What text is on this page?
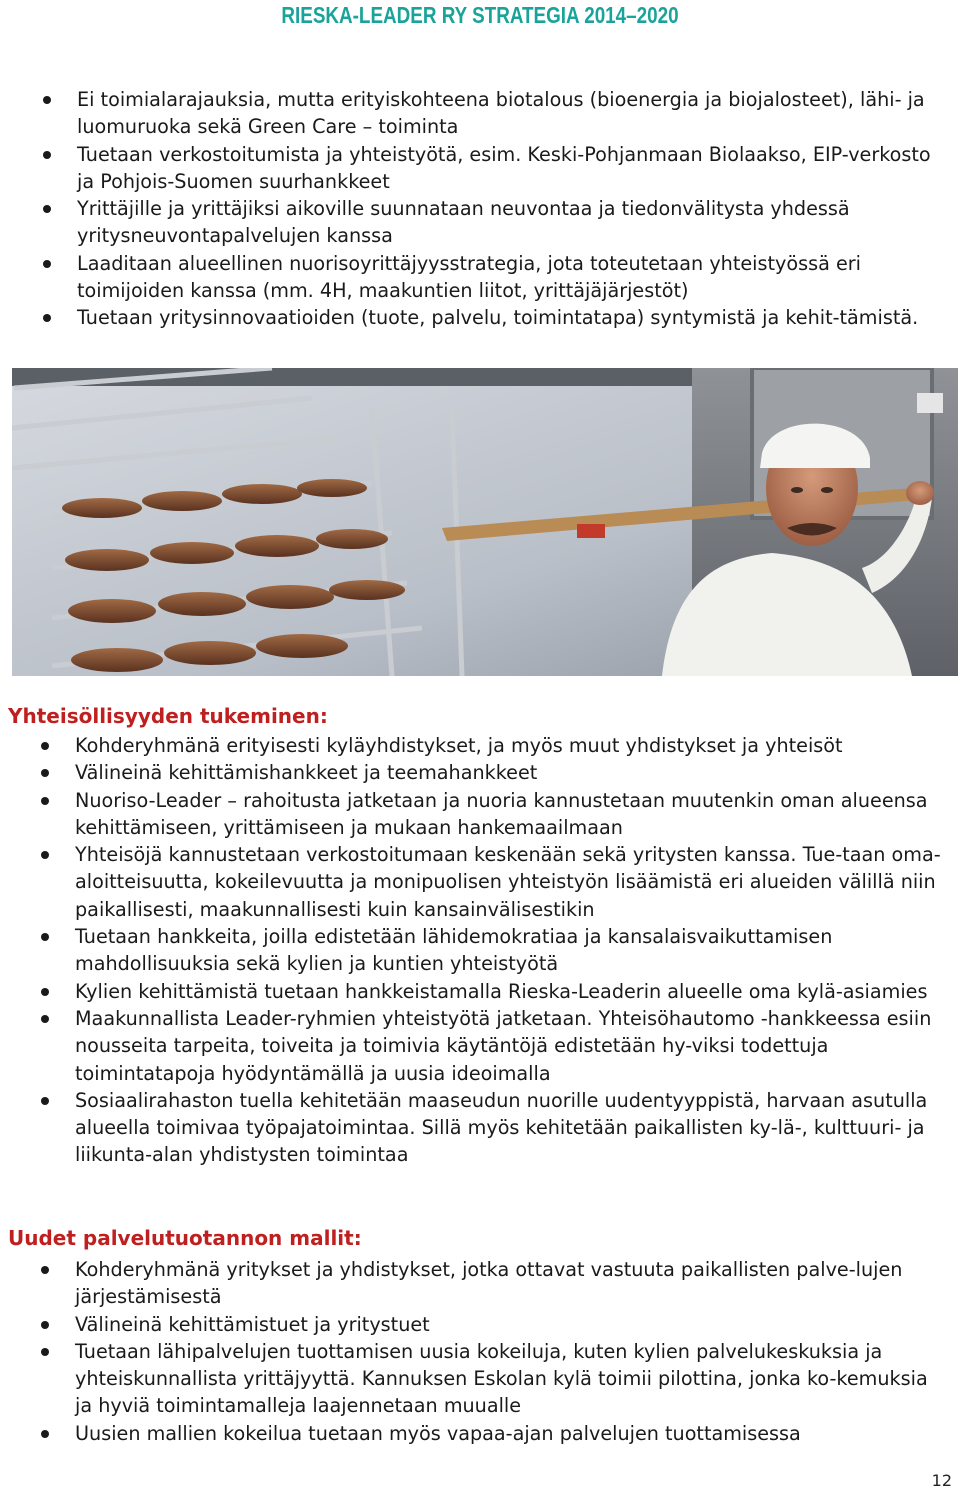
RIESKA-LEADER RY STRATEGIA 2014–2020
Ei toimialarajauksia, mutta erityiskohteena biotalous (bioenergia ja biojalosteet), lähi- ja luomuruoka sekä Green Care – toiminta
Tuetaan verkostoitumista ja yhteistyötä, esim. Keski-Pohjanmaan Biolaakso, EIP-verkosto ja Pohjois-Suomen suurhankkeet
Yrittäjille ja yrittäjiksi aikoville suunnataan neuvontaa ja tiedonvälitysta yhdessä yritysneuvontapalvelujen kanssa
Laaditaan alueellinen nuorisoyrittäjyysstrategia, jota toteutetaan yhteistyössä eri toimijoiden kanssa (mm. 4H, maakuntien liitot, yrittäjäjärjestöt)
Tuetaan yritysinnovaatioiden (tuote, palvelu, toimintatapa) syntymistä ja kehit-tämistä.
Yhteisöllisyyden tukeminen:
Kohderyhmänä erityisesti kyläyhdistykset, ja myös muut yhdistykset ja yhteisöt
Välineinä kehittämishankkeet ja teemahankkeet
Nuoriso-Leader – rahoitusta jatketaan ja nuoria kannustetaan muutenkin oman alueensa kehittämiseen, yrittämiseen ja mukaan hankemaailmaan
Yhteisöjä kannustetaan verkostoitumaan keskenään sekä yritysten kanssa. Tue-taan oma-aloitteisuutta, kokeilevuutta ja monipuolisen yhteistyön lisäämistä eri alueiden välillä niin paikallisesti, maakunnallisesti kuin kansainvälisestikin
Tuetaan hankkeita, joilla edistetään lähidemokratiaa ja kansalaisvaikuttamisen mahdollisuuksia sekä kylien ja kuntien yhteistyötä
Kylien kehittämistä tuetaan hankkeistamalla Rieska-Leaderin alueelle oma kylä-asiamies
Maakunnallista Leader-ryhmien yhteistyötä jatketaan. Yhteisöhautomo -hankkeessa esiin nousseita tarpeita, toiveita ja toimivia käytäntöjä edistetään hy-viksi todettuja toimintatapoja hyödyntämällä ja uusia ideoimalla
Sosiaalirahaston tuella kehitetään maaseudun nuorille uudentyyppistä, harvaan asutulla alueella toimivaa työpajatoimintaa. Sillä myös kehitetään paikallisten ky-lä-, kulttuuri- ja liikunta-alan yhdistysten toimintaa
Uudet palvelutuotannon mallit:
Kohderyhmänä yritykset ja yhdistykset, jotka ottavat vastuuta paikallisten palve-lujen järjestämisestä
Välineinä kehittämistuet ja yritystuet
Tuetaan lähipalvelujen tuottamisen uusia kokeiluja, kuten kylien palvelukeskuksia ja yhteiskunnallista yrittäjyyttä. Kannuksen Eskolan kylä toimii pilottina, jonka ko-kemuksia ja hyviä toimintamalleja laajennetaan muualle
Uusien mallien kokeilua tuetaan myös vapaa-ajan palvelujen tuottamisessa
12
